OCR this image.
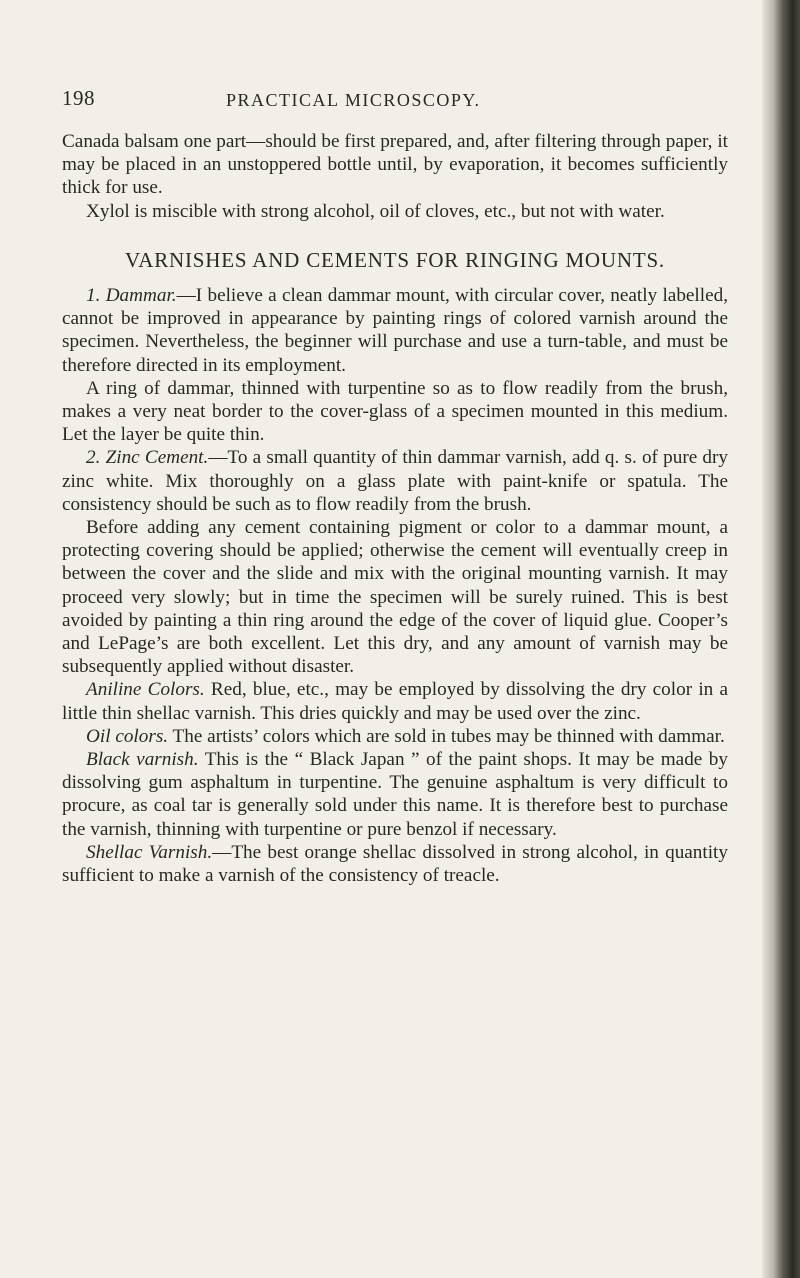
198	PRACTICAL MICROSCOPY.

Canada balsam one part—should be first prepared, and, after filtering through paper, it may be placed in an unstoppered bottle until, by evaporation, it becomes sufficiently thick for use.

Xylol is miscible with strong alcohol, oil of cloves, etc., but not with water.

VARNISHES AND CEMENTS FOR RINGING MOUNTS.

1. Dammar.—I believe a clean dammar mount, with circular cover, neatly labelled, cannot be improved in appearance by painting rings of colored varnish around the specimen. Nevertheless, the beginner will purchase and use a turn-table, and must be therefore directed in its employment.

A ring of dammar, thinned with turpentine so as to flow readily from the brush, makes a very neat border to the cover-glass of a specimen mounted in this medium. Let the layer be quite thin.

2. Zinc Cement.—To a small quantity of thin dammar varnish, add q. s. of pure dry zinc white. Mix thoroughly on a glass plate with paint-knife or spatula. The consistency should be such as to flow readily from the brush.

Before adding any cement containing pigment or color to a dammar mount, a protecting covering should be applied; otherwise the cement will eventually creep in between the cover and the slide and mix with the original mounting varnish. It may proceed very slowly; but in time the specimen will be surely ruined. This is best avoided by painting a thin ring around the edge of the cover of liquid glue. Cooper’s and LePage’s are both excellent. Let this dry, and any amount of varnish may be subsequently applied without disaster.

Aniline Colors. Red, blue, etc., may be employed by dissolving the dry color in a little thin shellac varnish. This dries quickly and may be used over the zinc.

Oil colors. The artists’ colors which are sold in tubes may be thinned with dammar.

Black varnish. This is the “ Black Japan ” of the paint shops. It may be made by dissolving gum asphaltum in turpentine. The genuine asphaltum is very difficult to procure, as coal tar is generally sold under this name. It is therefore best to purchase the varnish, thinning with turpentine or pure benzol if necessary.

Shellac Varnish.—The best orange shellac dissolved in strong alcohol, in quantity sufficient to make a varnish of the consistency of treacle.
